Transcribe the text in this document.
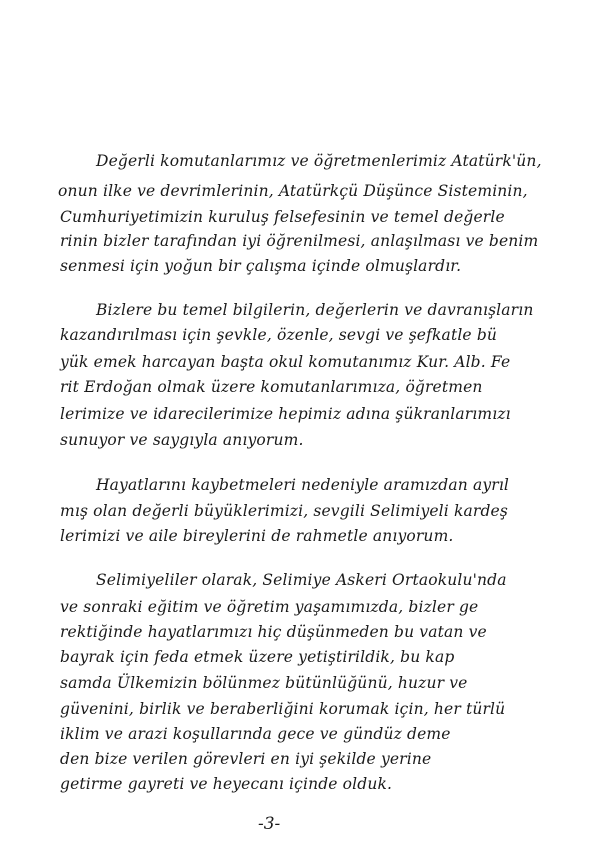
Değerli komutanlarımız ve öğretmenlerimiz Atatürk'ün,
onun ilke ve devrimlerinin, Atatürkçü Düşünce Sisteminin,
Cumhuriyetimizin kuruluş felsefesinin ve temel değerle
rinin bizler tarafından iyi öğrenilmesi, anlaşılması ve benim
senmesi için yoğun bir çalışma içinde olmuşlardır.
Bizlere bu temel bilgilerin, değerlerin ve davranışların
kazandırılması için şevkle, özenle, sevgi ve şefkatle bü
yük emek harcayan başta okul komutanımız Kur. Alb. Fe
rit Erdoğan olmak üzere komutanlarımıza, öğretmen
lerimize ve idarecilerimize hepimiz adına şükranlarımızı
sunuyor ve saygıyla anıyorum.
Hayatlarını kaybetmeleri nedeniyle aramızdan ayrıl
mış olan değerli büyüklerimizi, sevgili Selimiyeli kardeş
lerimizi ve aile bireylerini de rahmetle anıyorum.
Selimiyeliler olarak, Selimiye Askeri Ortaokulu'nda
ve sonraki eğitim ve öğretim yaşamımızda, bizler ge
rektiğinde hayatlarımızı hiç düşünmeden bu vatan ve
bayrak için feda etmek üzere yetiştirildik, bu kap
samda Ülkemizin bölünmez bütünlüğünü, huzur ve
güvenini, birlik ve beraberliğini korumak için, her türlü
iklim ve arazi koşullarında gece ve gündüz deme
den bize verilen görevleri en iyi şekilde yerine
getirme gayreti ve heyecanı içinde olduk.
-3-
